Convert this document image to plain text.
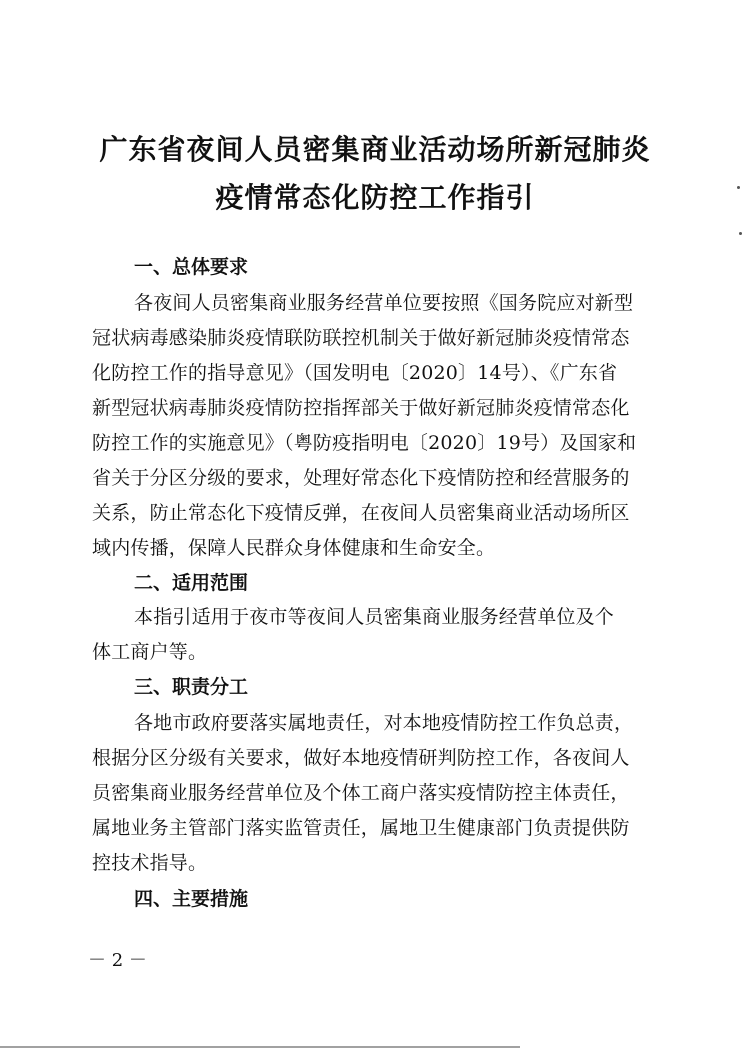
广东省夜间人员密集商业活动场所新冠肺炎
疫情常态化防控工作指引
一、总体要求
各夜间人员密集商业服务经营单位要按照《国务院应对新型
冠状病毒感染肺炎疫情联防联控机制关于做好新冠肺炎疫情常态
化防控工作的指导意见》（国发明电〔2020〕14号）、《广东省
新型冠状病毒肺炎疫情防控指挥部关于做好新冠肺炎疫情常态化
防控工作的实施意见》（粤防疫指明电〔2020〕19号）及国家和
省关于分区分级的要求，处理好常态化下疫情防控和经营服务的
关系，防止常态化下疫情反弹，在夜间人员密集商业活动场所区
域内传播，保障人民群众身体健康和生命安全。
二、适用范围
本指引适用于夜市等夜间人员密集商业服务经营单位及个
体工商户等。
三、职责分工
各地市政府要落实属地责任，对本地疫情防控工作负总责，
根据分区分级有关要求，做好本地疫情研判防控工作，各夜间人
员密集商业服务经营单位及个体工商户落实疫情防控主体责任，
属地业务主管部门落实监管责任，属地卫生健康部门负责提供防
控技术指导。
四、主要措施
－ 2 －
